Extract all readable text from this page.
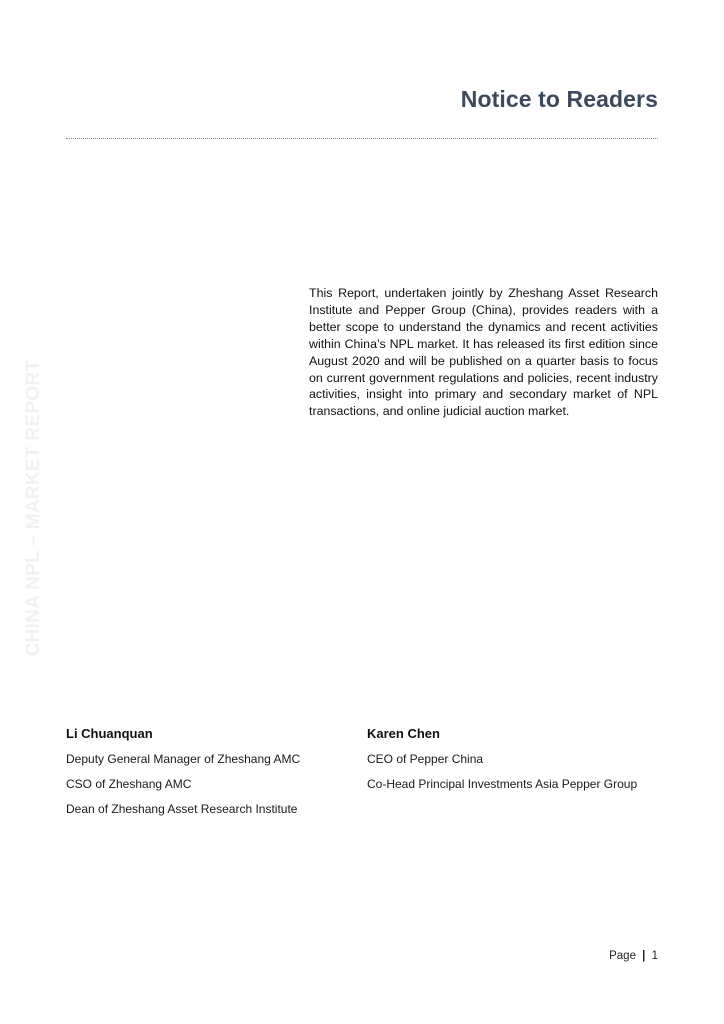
Notice to Readers
CHINA NPL – MARKET REPORT

This Report, undertaken jointly by Zheshang Asset Research Institute and Pepper Group (China), provides readers with a better scope to understand the dynamics and recent activities within China’s NPL market. It has released its first edition since August 2020 and will be published on a quarter basis to focus on current government regulations and policies, recent industry activities, insight into primary and secondary market of NPL transactions, and online judicial auction market.

Li Chuanquan
Deputy General Manager of Zheshang AMC
CSO of Zheshang AMC
Dean of Zheshang Asset Research Institute
Karen Chen
CEO of Pepper China
Co-Head Principal Investments Asia Pepper Group
Page | 1
